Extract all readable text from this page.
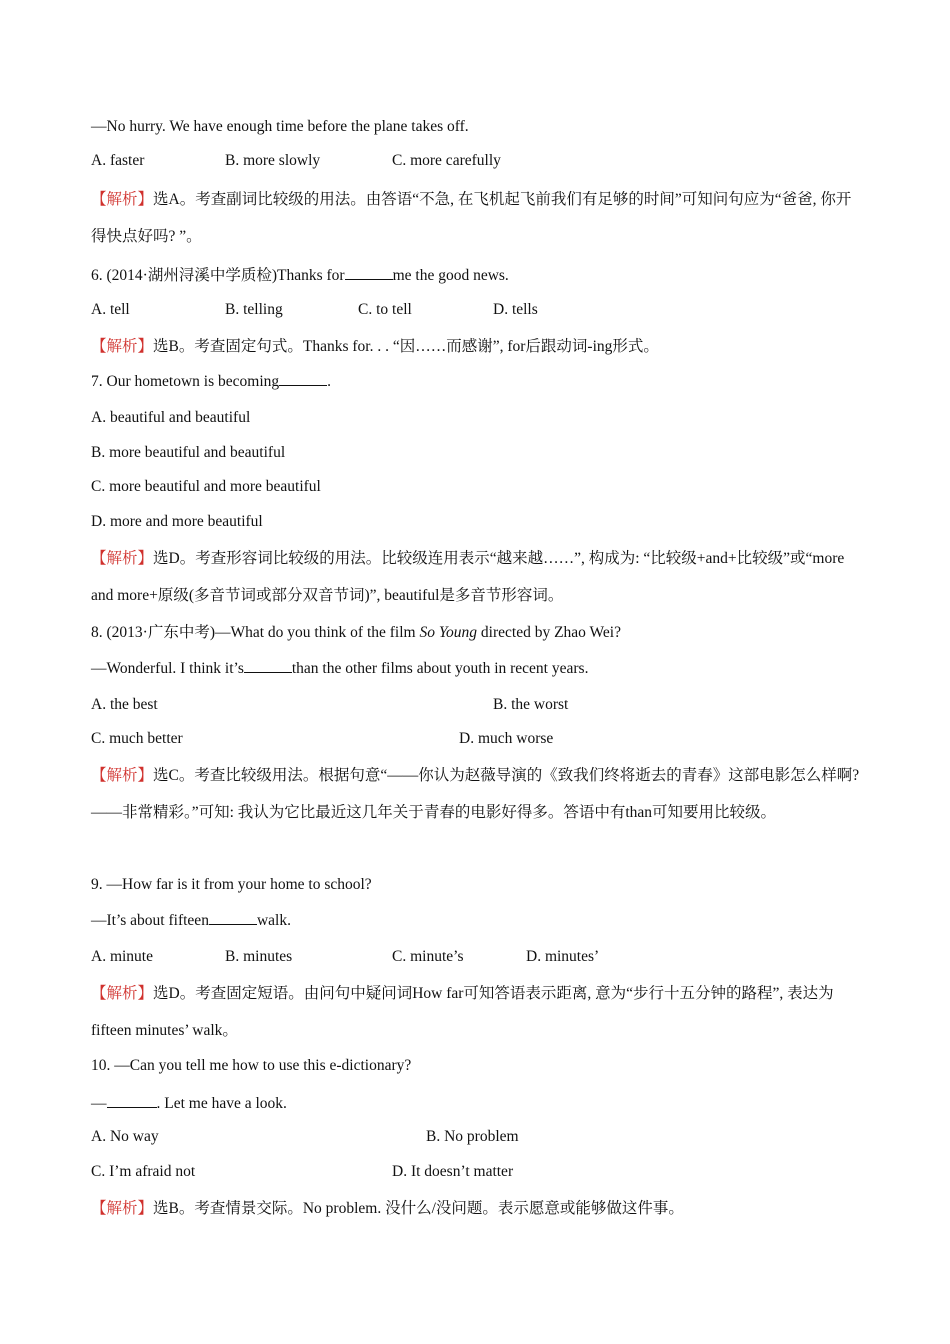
—No hurry. We have enough time before the plane takes off.
A. faster	B. more slowly	C. more carefully
【解析】选A。考查副词比较级的用法。由答语“不急, 在飞机起飞前我们有足够的时间”可知问句应为“爸爸, 你开得快点好吗? ”。
6. (2014·湖州浔溪中学质检)Thanks for	me the good news.
A. tell	B. telling	C. to tell	D. tells
【解析】选B。考查固定句式。Thanks for. . . “因……而感谢”, for后跟动词-ing形式。
7. Our hometown is becoming	.
A. beautiful and beautiful
B. more beautiful and beautiful
C. more beautiful and more beautiful
D. more and more beautiful
【解析】选D。考查形容词比较级的用法。比较级连用表示“越来越……”, 构成为: “比较级+and+比较级”或“more and more+原级(多音节词或部分双音节词)”, beautiful是多音节形容词。
8. (2013·广东中考)—What do you think of the film So Young directed by Zhao Wei?
—Wonderful. I think it’s	than the other films about youth in recent years.
A. the best	B. the worst
C. much better	D. much worse
【解析】选C。考查比较级用法。根据句意“——你认为赵薇导演的《致我们终将逝去的青春》这部电影怎么样啊? ——非常精彩。”可知: 我认为它比最近这几年关于青春的电影好得多。答语中有than可知要用比较级。
9. —How far is it from your home to school?
—It’s about fifteen	walk.
A. minute	B. minutes	C. minute’s	D. minutes’
【解析】选D。考查固定短语。由问句中疑问词How far可知答语表示距离, 意为“步行十五分钟的路程”, 表达为fifteen minutes’ walk。
10. —Can you tell me how to use this e-dictionary?
—	. Let me have a look.
A. No way	B. No problem
C. I’m afraid not	D. It doesn’t matter
【解析】选B。考查情景交际。No problem. 没什么/没问题。表示愿意或能够做这件事。
